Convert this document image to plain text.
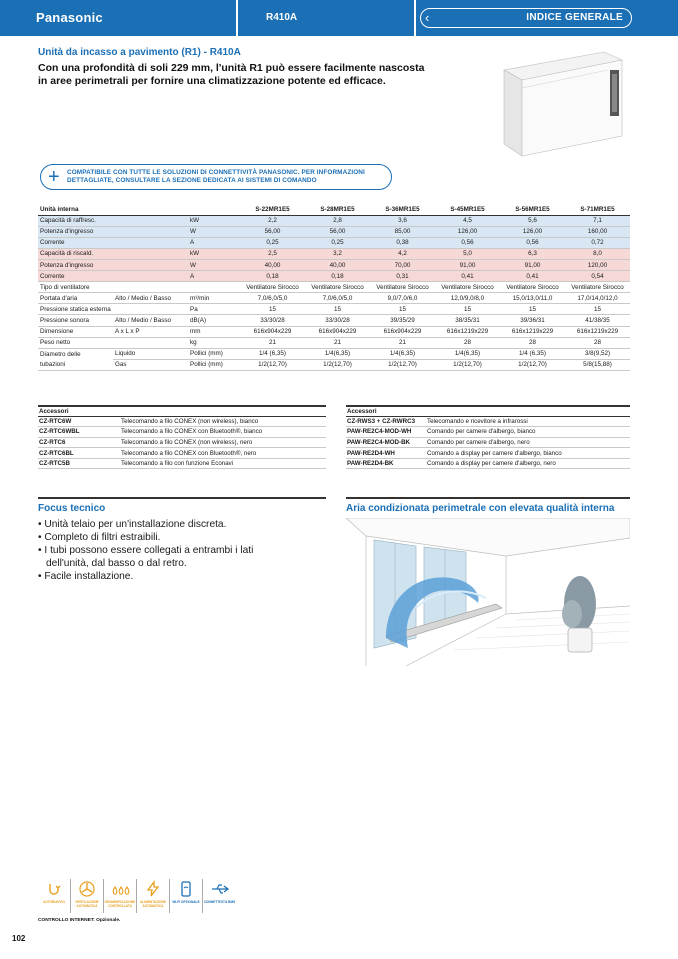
Panasonic	R410A	‹	INDICE GENERALE
Unità da incasso a pavimento (R1) - R410A
Con una profondità di soli 229 mm, l'unità R1 può essere facilmente nascosta in aree perimetrali per fornire una climatizzazione potente ed efficace.
+ COMPATIBILE CON TUTTE LE SOLUZIONI DI CONNETTIVITÀ PANASONIC. PER INFORMAZIONI
DETTAGLIATE, CONSULTARE LA SEZIONE DEDICATA AI SISTEMI DI COMANDO
Unità interna			S-22MR1E5	S-28MR1E5	S-36MR1E5	S-45MR1E5	S-56MR1E5	S-71MR1E5
Capacità di raffresc.		kW	2,2	2,8	3,6	4,5	5,6	7,1
Potenza d'ingresso		W	56,00	56,00	85,00	126,00	126,00	160,00
Corrente		A	0,25	0,25	0,38	0,56	0,56	0,72
Capacità di riscald.		kW	2,5	3,2	4,2	5,0	6,3	8,0
Potenza d'ingresso		W	40,00	40,00	70,00	91,00	91,00	120,00
Corrente		A	0,18	0,18	0,31	0,41	0,41	0,54
Tipo di ventilatore			Ventilatore Sirocco	Ventilatore Sirocco	Ventilatore Sirocco	Ventilatore Sirocco	Ventilatore Sirocco	Ventilatore Sirocco
Portata d'aria	Alto / Medio / Basso	m³/min	7,0/6,0/5,0	7,0/6,0/5,0	9,0/7,0/6,0	12,0/9,0/8,0	15,0/13,0/11,0	17,0/14,0/12,0
Pressione statica esterna		Pa	15	15	15	15	15	15
Pressione sonora	Alto / Medio / Basso	dB(A)	33/30/28	33/30/28	39/35/29	38/35/31	39/36/31	41/38/35
Dimensione	A x L x P	mm	616x904x229	616x904x229	616x904x229	616x1219x229	616x1219x229	616x1219x229
Peso netto		kg	21	21	21	28	28	28
Diametro delle	Liquido	Pollici (mm)	1/4 (6,35)	1/4(6,35)	1/4(6,35)	1/4(6,35)	1/4 (6,35)	3/8(9,52)
tubazioni	Gas	Pollici (mm)	1/2(12,70)	1/2(12,70)	1/2(12,70)	1/2(12,70)	1/2(12,70)	5/8(15,88)
Accessori	
CZ-RTC6W	Telecomando a filo CONEX (non wireless), bianco
CZ-RTC6WBL	Telecomando a filo CONEX con Bluetooth®, bianco
CZ-RTC6	Telecomando a filo CONEX (non wireless), nero
CZ-RTC6BL	Telecomando a filo CONEX con Bluetooth®, nero
CZ-RTC5B	Telecomando a filo con funzione Econavi
Accessori	
CZ-RWS3 + CZ-RWRC3	Telecomando e ricevitore a infrarossi
PAW-RE2C4-MOD-WH	Comando per camere d'albergo, bianco
PAW-RE2C4-MOD-BK	Comando per camere d'albergo, nero
PAW-RE2D4-WH	Comando a display per camere d'albergo, bianco
PAW-RE2D4-BK	Comando a display per camere d'albergo, nero
Focus tecnico
• Unità telaio per un'installazione discreta.
• Completo di filtri estraibili.
• I tubi possono essere collegati a entrambi i lati dell'unità, dal basso o dal retro.
• Facile installazione.
Aria condizionata perimetrale con elevata qualità interna
AUTORIAVVIO	VENTILAZIONE AUTOMATICA
DEUMIDIFICAZIONE CONTROLLATA
ALIMENTAZIONE AUTOMATICA
WI-FI OPZIONALE	CONNETTIVITÀ BMS
CONTROLLO INTERNET: Opzionale.
102
